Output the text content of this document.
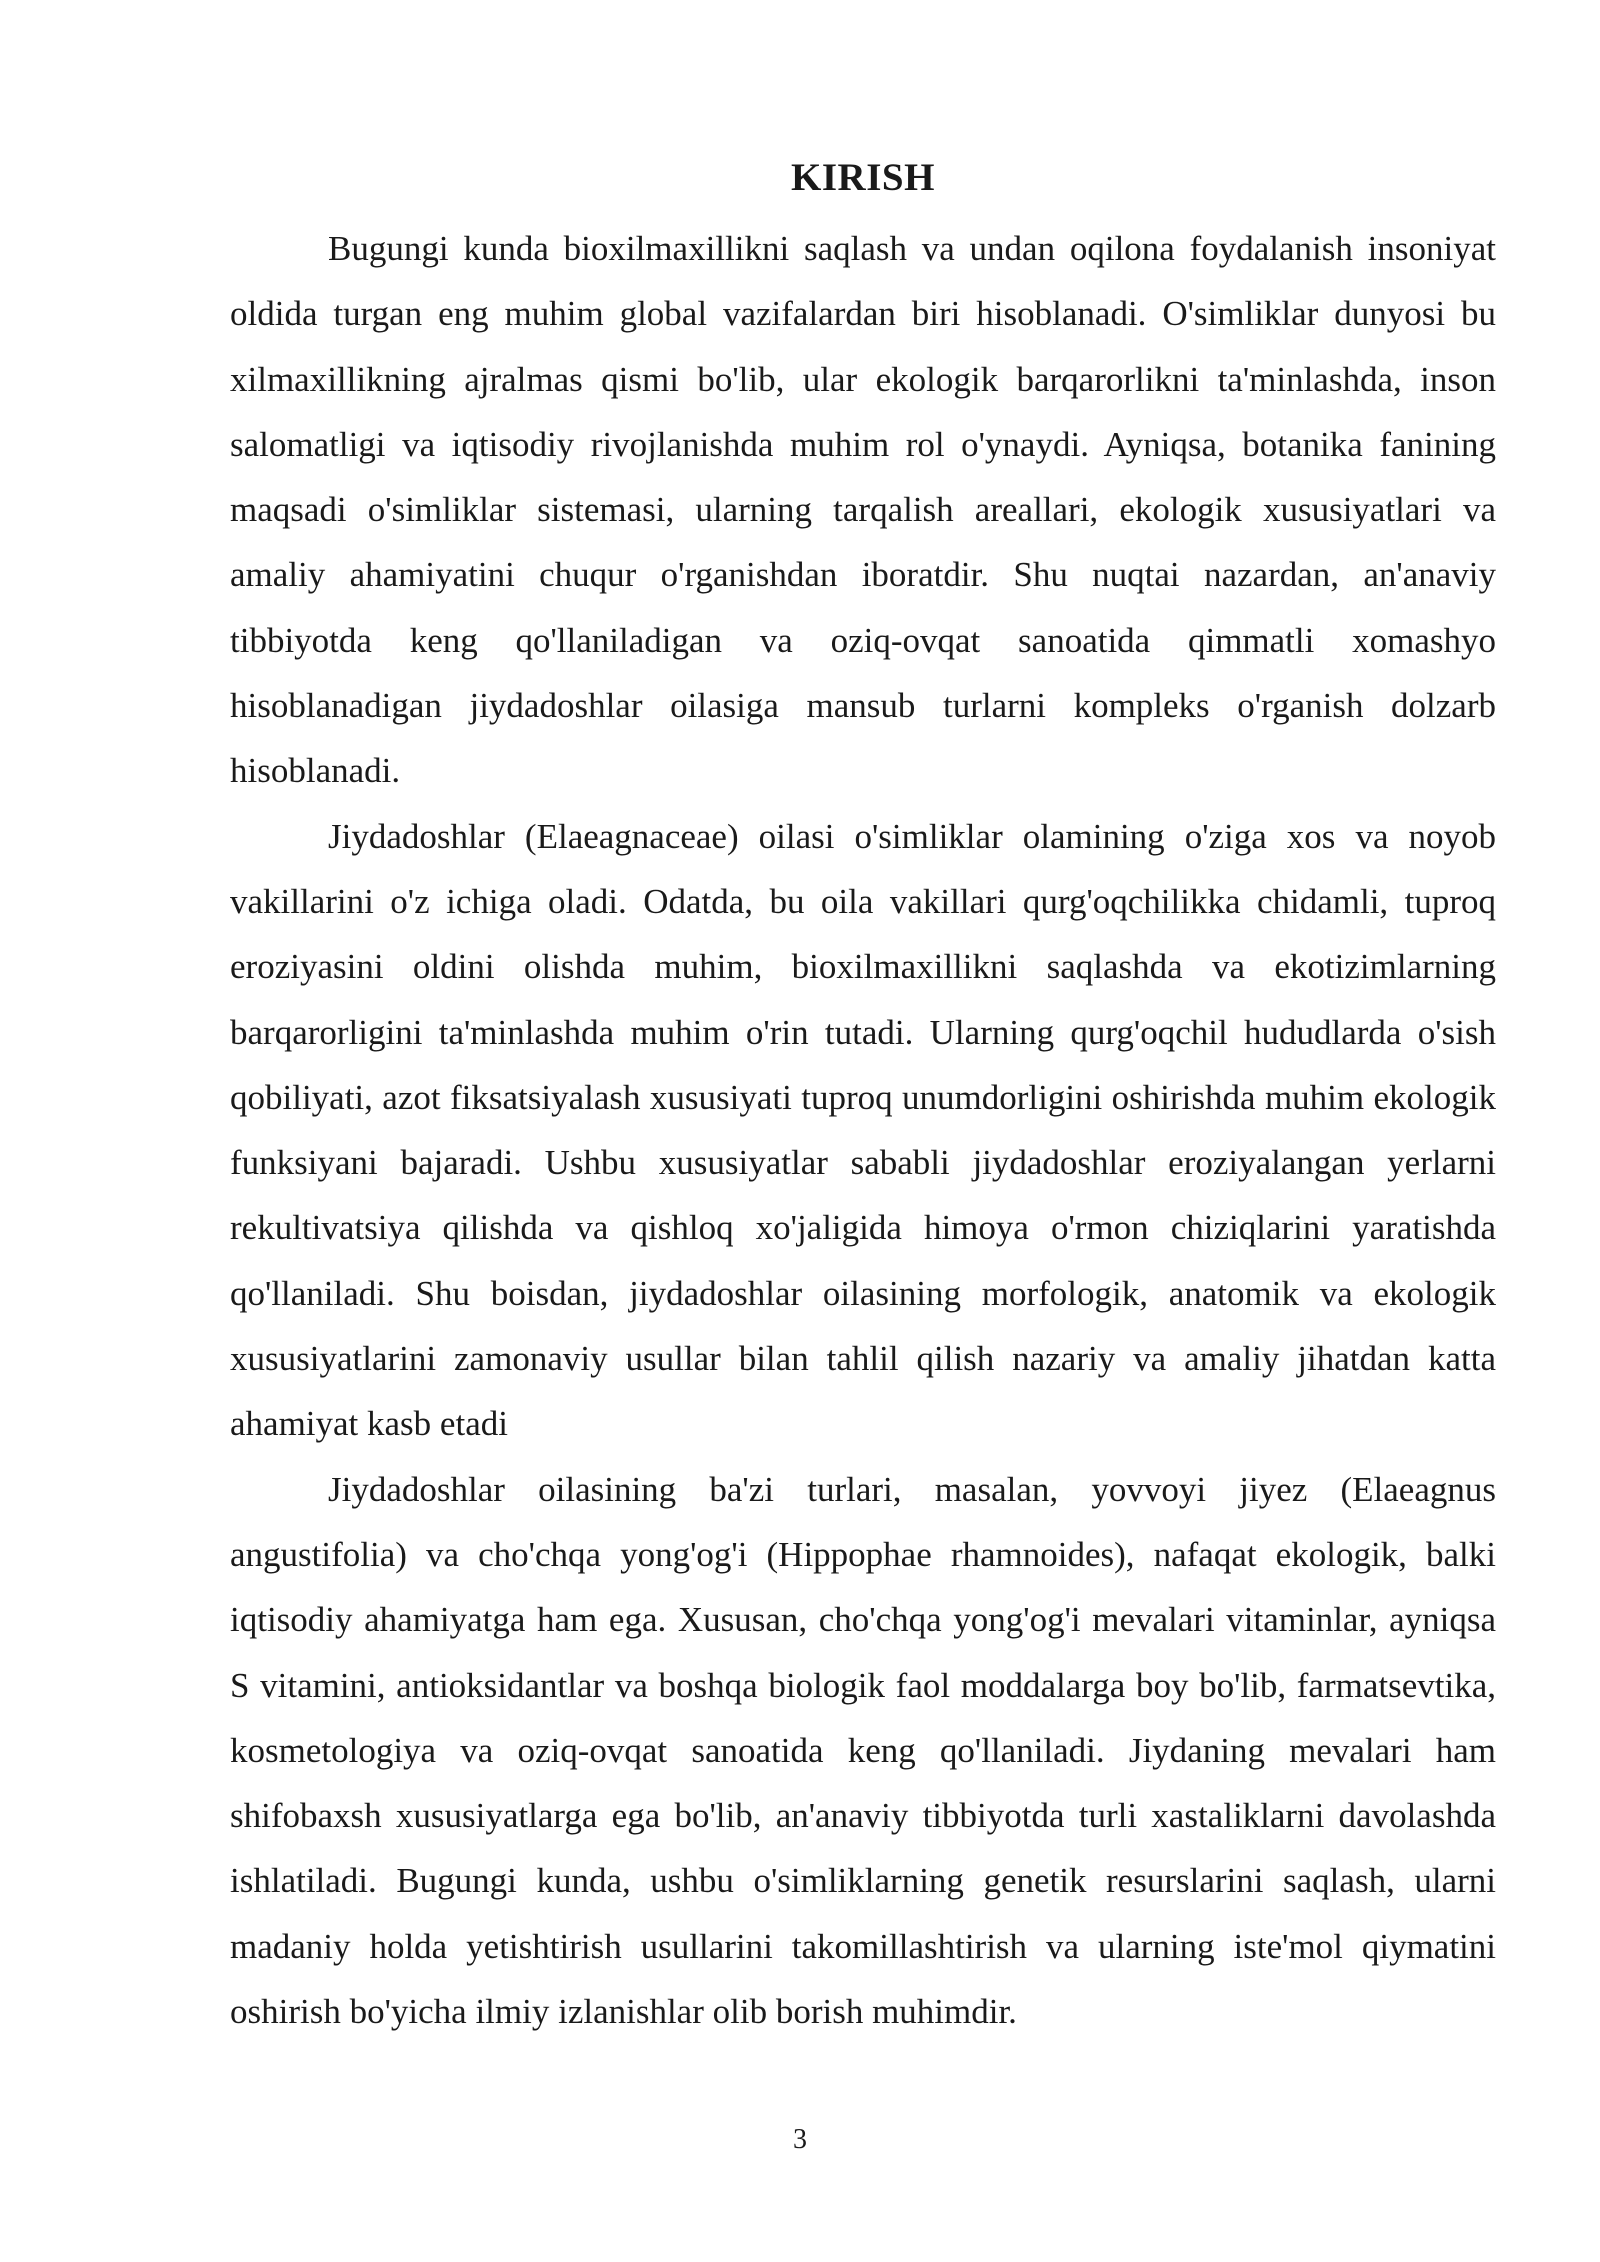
KIRISH

Bugungi kunda bioxilmaxillikni saqlash va undan oqilona foydalanish insoniyat oldida turgan eng muhim global vazifalardan biri hisoblanadi. O'simliklar dunyosi bu xilmaxillikning ajralmas qismi bo'lib, ular ekologik barqarorlikni ta'minlashda, inson salomatligi va iqtisodiy rivojlanishda muhim rol o'ynaydi. Ayniqsa, botanika fanining maqsadi o'simliklar sistemasi, ularning tarqalish areallari, ekologik xususiyatlari va amaliy ahamiyatini chuqur o'rganishdan iboratdir. Shu nuqtai nazardan, an'anaviy tibbiyotda keng qo'llaniladigan va oziq-ovqat sanoatida qimmatli xomashyo hisoblanadigan jiydadoshlar oilasiga mansub turlarni kompleks o'rganish dolzarb hisoblanadi.

Jiydadoshlar (Elaeagnaceae) oilasi o'simliklar olamining o'ziga xos va noyob vakillarini o'z ichiga oladi. Odatda, bu oila vakillari qurg'oqchilikka chidamli, tuproq eroziyasini oldini olishda muhim, bioxilmaxillikni saqlashda va ekotizimlarning barqarorligini ta'minlashda muhim o'rin tutadi. Ularning qurg'oqchil hududlarda o'sish qobiliyati, azot fiksatsiyalash xususiyati tuproq unumdorligini oshirishda muhim ekologik funksiyani bajaradi. Ushbu xususiyatlar sababli jiydadoshlar eroziyalangan yerlarni rekultivatsiya qilishda va qishloq xo'jaligida himoya o'rmon chiziqlarini yaratishda qo'llaniladi. Shu boisdan, jiydadoshlar oilasining morfologik, anatomik va ekologik xususiyatlarini zamonaviy usullar bilan tahlil qilish nazariy va amaliy jihatdan katta ahamiyat kasb etadi

Jiydadoshlar oilasining ba'zi turlari, masalan, yovvoyi jiyez (Elaeagnus angustifolia) va cho'chqa yong'og'i (Hippophae rhamnoides), nafaqat ekologik, balki iqtisodiy ahamiyatga ham ega. Xususan, cho'chqa yong'og'i mevalari vitaminlar, ayniqsa S vitamini, antioksidantlar va boshqa biologik faol moddalarga boy bo'lib, farmatsevtika, kosmetologiya va oziq-ovqat sanoatida keng qo'llaniladi. Jiydaning mevalari ham shifobaxsh xususiyatlarga ega bo'lib, an'anaviy tibbiyotda turli xastaliklarni davolashda ishlatiladi. Bugungi kunda, ushbu o'simliklarning genetik resurslarini saqlash, ularni madaniy holda yetishtirish usullarini takomillashtirish va ularning iste'mol qiymatini oshirish bo'yicha ilmiy izlanishlar olib borish muhimdir.

3
